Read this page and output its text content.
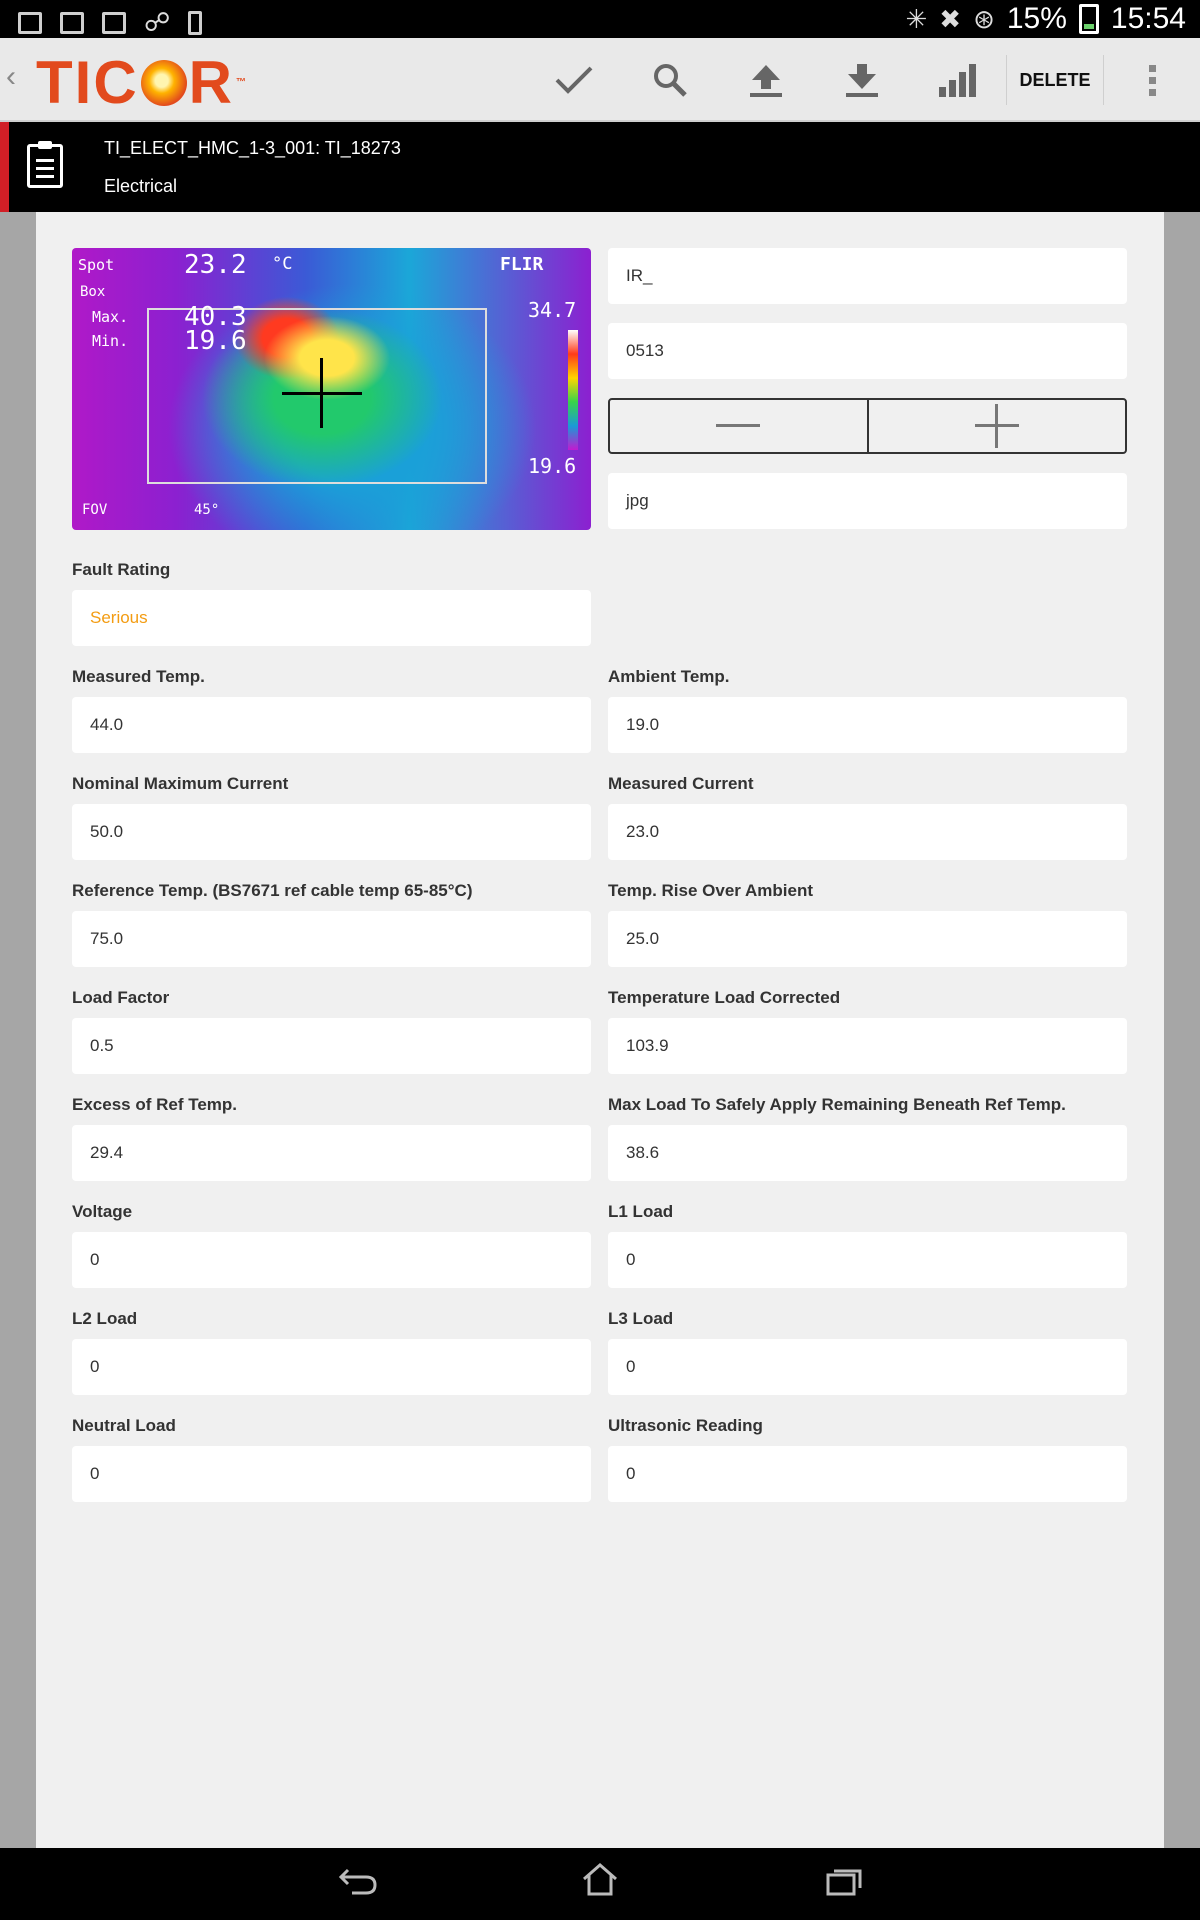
☍	✳ ✖ ⊛ 15% 15:54
‹ TIC R ™	DELETE
TI_ELECT_HMC_1-3_001: TI_18273
Electrical
Spot	23.2 °C
Box
Max. 40.3
Min. 19.6
FLIR
34.7
19.6
FOV	45°
IR_
0513
jpg
Fault Rating
Serious
Measured Temp.
44.0
Ambient Temp.
19.0
Nominal Maximum Current
50.0
Measured Current
23.0
Reference Temp. (BS7671 ref cable temp 65-85°C)
75.0
Temp. Rise Over Ambient
25.0
Load Factor
0.5
Temperature Load Corrected
103.9
Excess of Ref Temp.
29.4
Max Load To Safely Apply Remaining Beneath Ref Temp.
38.6
Voltage
0
L1 Load
0
L2 Load
0
L3 Load
0
Neutral Load
0
Ultrasonic Reading
0
